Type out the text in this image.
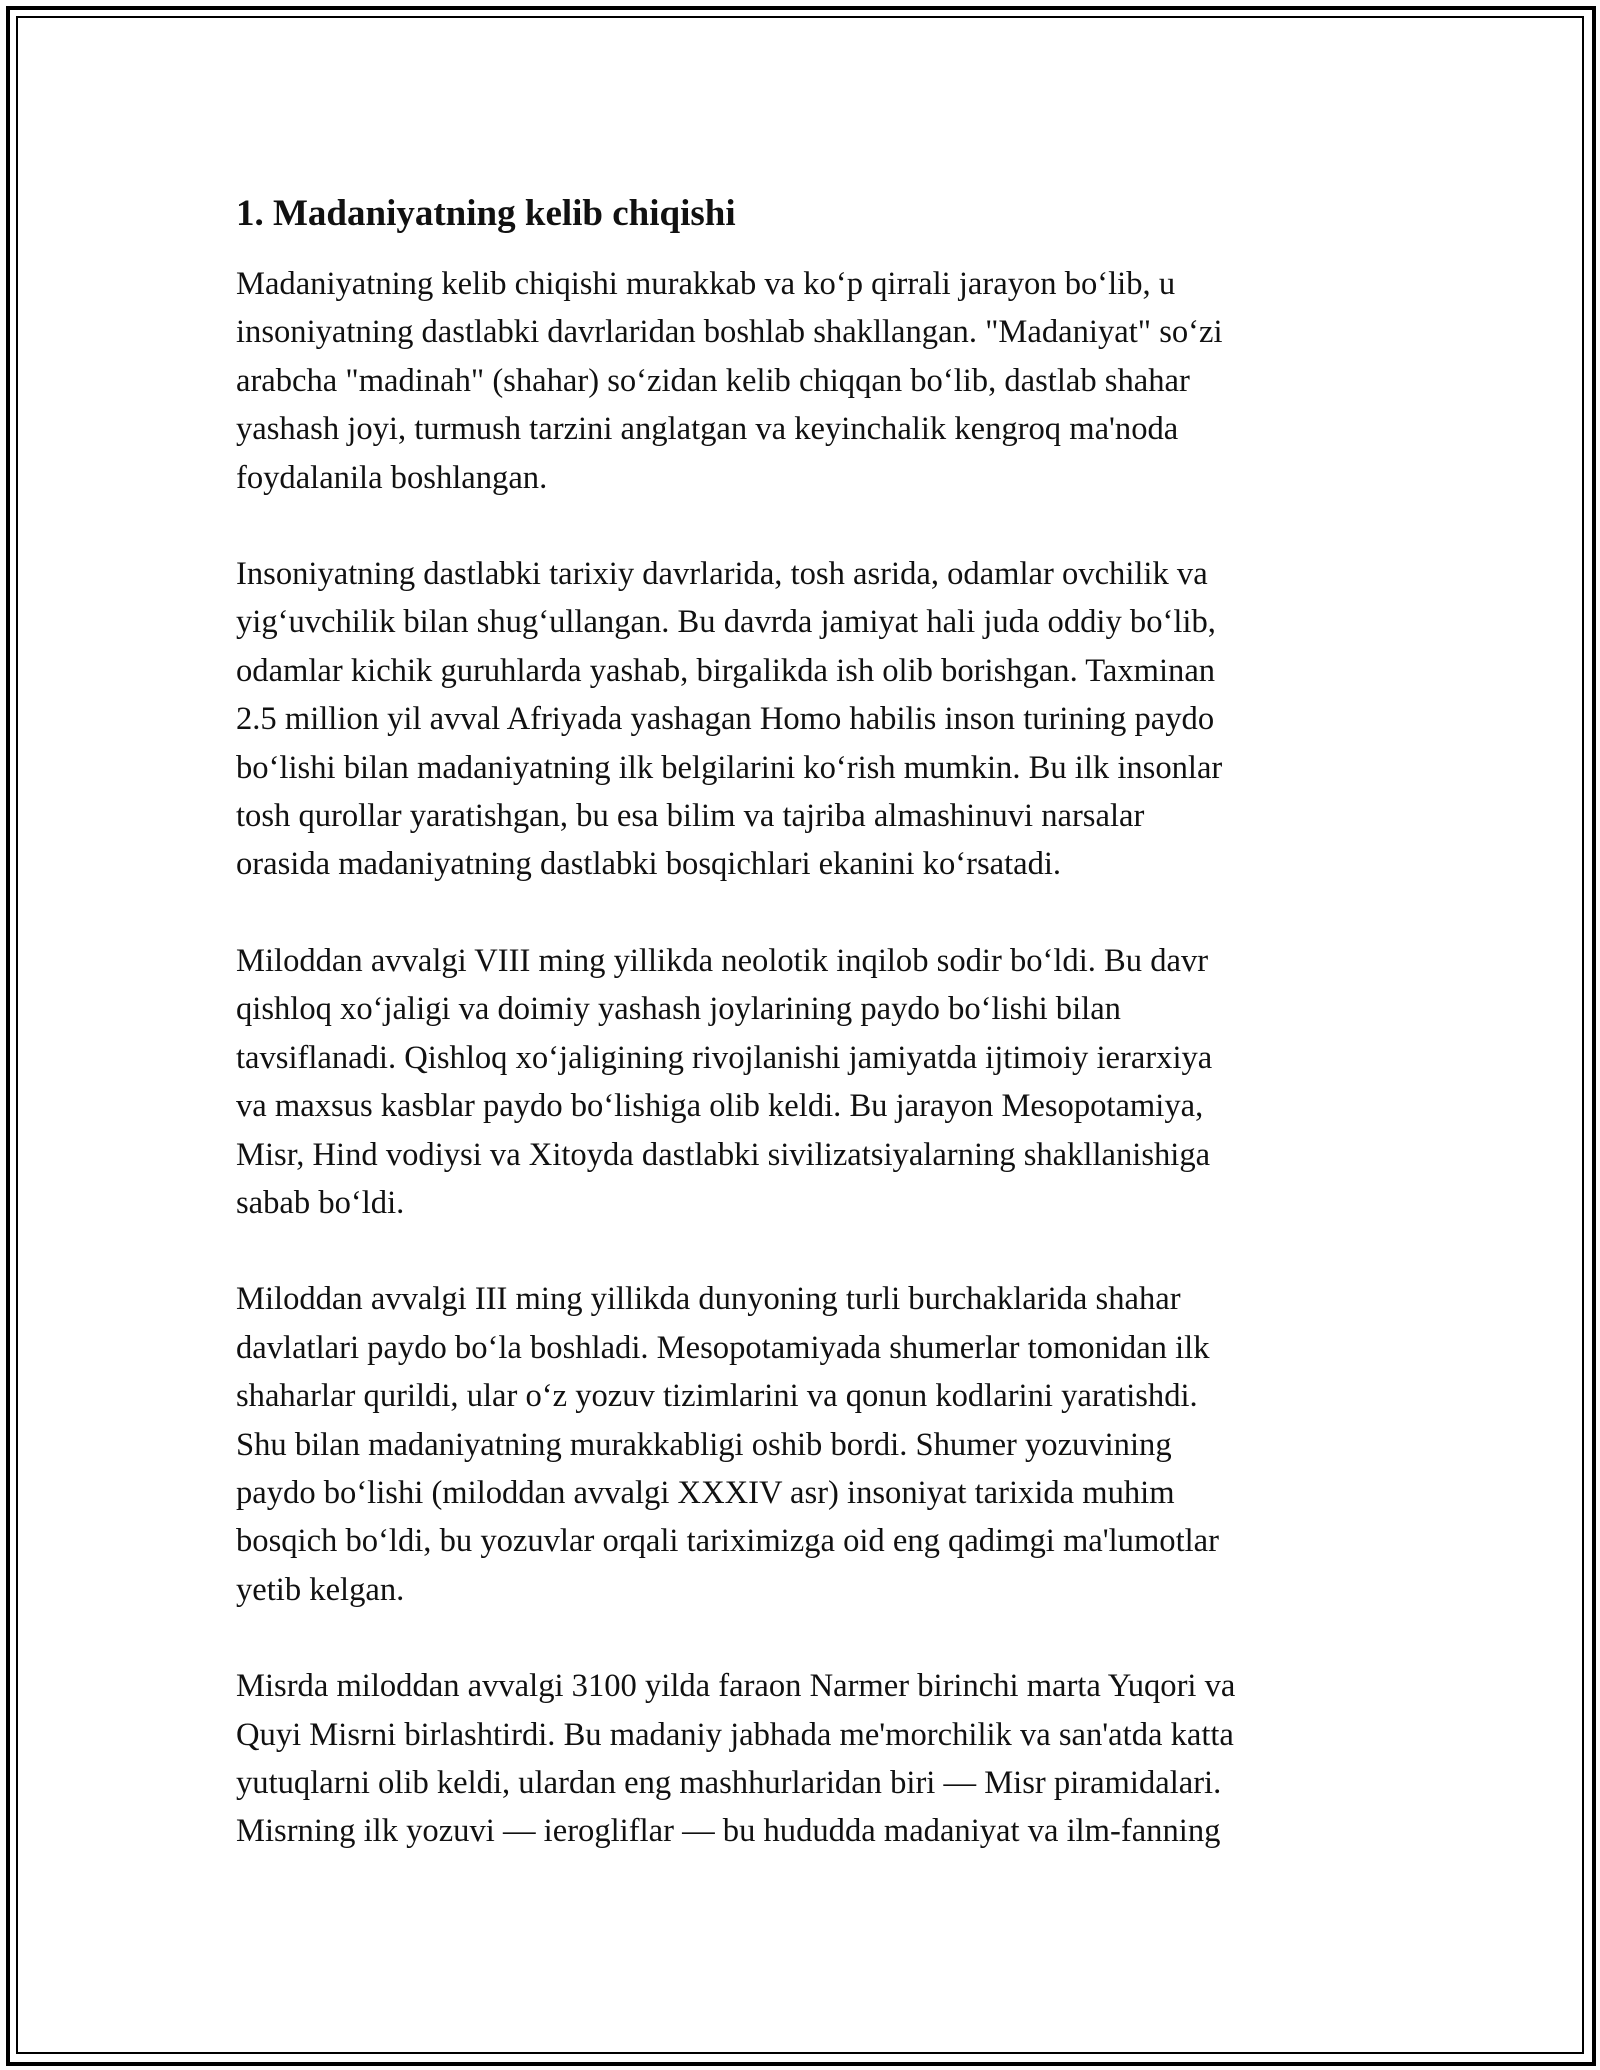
1. Madaniyatning kelib chiqishi

Madaniyatning kelib chiqishi murakkab va ko‘p qirrali jarayon bo‘lib, u
insoniyatning dastlabki davrlaridan boshlab shakllangan. "Madaniyat" so‘zi
arabcha "madinah" (shahar) so‘zidan kelib chiqqan bo‘lib, dastlab shahar
yashash joyi, turmush tarzini anglatgan va keyinchalik kengroq ma'noda
foydalanila boshlangan.

Insoniyatning dastlabki tarixiy davrlarida, tosh asrida, odamlar ovchilik va
yig‘uvchilik bilan shug‘ullangan. Bu davrda jamiyat hali juda oddiy bo‘lib,
odamlar kichik guruhlarda yashab, birgalikda ish olib borishgan. Taxminan
2.5 million yil avval Afriyada yashagan Homo habilis inson turining paydo
bo‘lishi bilan madaniyatning ilk belgilarini ko‘rish mumkin. Bu ilk insonlar
tosh qurollar yaratishgan, bu esa bilim va tajriba almashinuvi narsalar
orasida madaniyatning dastlabki bosqichlari ekanini ko‘rsatadi.

Miloddan avvalgi VIII ming yillikda neolotik inqilob sodir bo‘ldi. Bu davr
qishloq xo‘jaligi va doimiy yashash joylarining paydo bo‘lishi bilan
tavsiflanadi. Qishloq xo‘jaligining rivojlanishi jamiyatda ijtimoiy ierarxiya
va maxsus kasblar paydo bo‘lishiga olib keldi. Bu jarayon Mesopotamiya,
Misr, Hind vodiysi va Xitoyda dastlabki sivilizatsiyalarning shakllanishiga
sabab bo‘ldi.

Miloddan avvalgi III ming yillikda dunyoning turli burchaklarida shahar
davlatlari paydo bo‘la boshladi. Mesopotamiyada shumerlar tomonidan ilk
shaharlar qurildi, ular o‘z yozuv tizimlarini va qonun kodlarini yaratishdi.
Shu bilan madaniyatning murakkabligi oshib bordi. Shumer yozuvining
paydo bo‘lishi (miloddan avvalgi XXXIV asr) insoniyat tarixida muhim
bosqich bo‘ldi, bu yozuvlar orqali tariximizga oid eng qadimgi ma'lumotlar
yetib kelgan.

Misrda miloddan avvalgi 3100 yilda faraon Narmer birinchi marta Yuqori va
Quyi Misrni birlashtirdi. Bu madaniy jabhada me'morchilik va san'atda katta
yutuqlarni olib keldi, ulardan eng mashhurlaridan biri — Misr piramidalari.
Misrning ilk yozuvi — ierogliflar — bu hududda madaniyat va ilm-fanning
